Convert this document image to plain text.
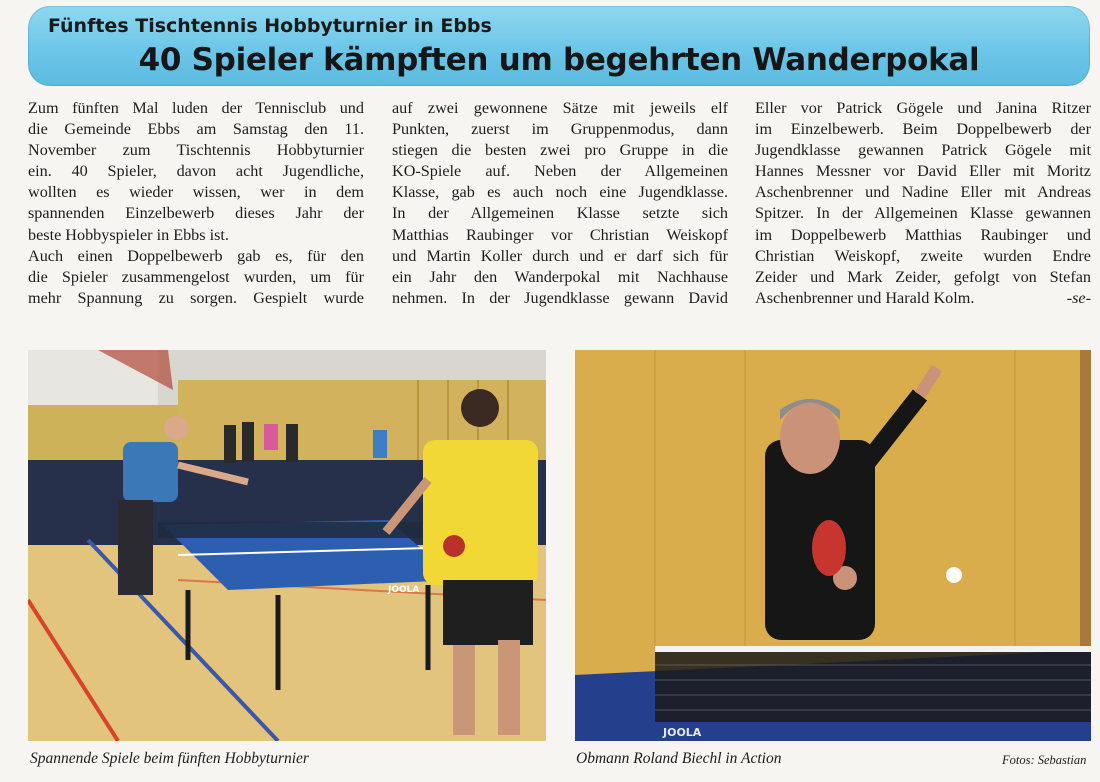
Fünftes Tischtennis Hobbyturnier in Ebbs
40 Spieler kämpften um begehrten Wanderpokal

Zum fünften Mal luden der Tennisclub und

die Gemeinde Ebbs am Samstag den 11.

November zum Tischtennis Hobbyturnier

ein. 40 Spieler, davon acht Jugendliche,

wollten es wieder wissen, wer in dem

spannenden Einzelbewerb dieses Jahr der

beste Hobbyspieler in Ebbs ist.

Auch einen Doppelbewerb gab es, für den

die Spieler zusammengelost wurden, um für

mehr Spannung zu sorgen. Gespielt wurde

auf zwei gewonnene Sätze mit jeweils elf

Punkten, zuerst im Gruppenmodus, dann

stiegen die besten zwei pro Gruppe in die

KO-Spiele auf. Neben der Allgemeinen

Klasse, gab es auch noch eine Jugendklasse.

In der Allgemeinen Klasse setzte sich

Matthias Raubinger vor Christian Weiskopf

und Martin Koller durch und er darf sich für

ein Jahr den Wanderpokal mit Nachhause

nehmen. In der Jugendklasse gewann David

Eller vor Patrick Gögele und Janina Ritzer

im Einzelbewerb. Beim Doppelbewerb der

Jugendklasse gewannen Patrick Gögele mit

Hannes Messner vor David Eller mit Moritz

Aschenbrenner und Nadine Eller mit Andreas

Spitzer. In der Allgemeinen Klasse gewannen

im Doppelbewerb Matthias Raubinger und

Christian Weiskopf, zweite wurden Endre

Zeider und Mark Zeider, gefolgt von Stefan

Aschenbrenner und Harald Kolm.	-se-

JOOLA
JOOLA
Spannende Spiele beim fünften Hobbyturnier	Obmann Roland Biechl in Action	Fotos: Sebastian
